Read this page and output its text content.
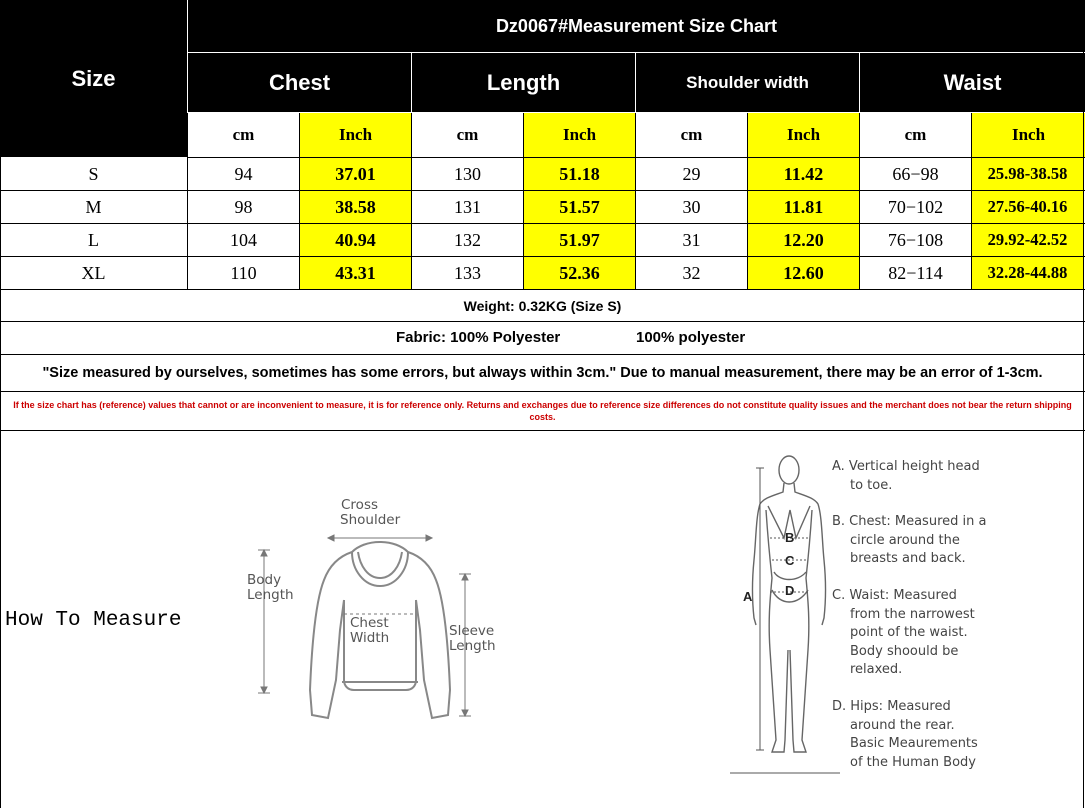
Size
Dz0067#Measurement Size Chart
Chest	Length	Shoulder width	Waist
cm	Inch	cm	Inch	cm	Inch	cm	Inch
S	94	37.01	130	51.18	29	11.42	66−98	25.98-38.58
M	98	38.58	131	51.57	30	11.81	70−102	27.56-40.16
L	104	40.94	132	51.97	31	12.20	76−108	29.92-42.52
XL	110	43.31	133	52.36	32	12.60	82−114	32.28-44.88
Weight: 0.32KG (Size S)
Fabric: 100% Polyester	100% polyester
"Size measured by ourselves, sometimes has some errors, but always within 3cm." Due to manual measurement, there may be an error of 1-3cm.
If the size chart has (reference) values that cannot or are inconvenient to measure, it is for reference only. Returns and exchanges due to reference size differences do not constitute quality issues and the merchant does not bear the return shipping costs.
How To Measure
Cross
Shoulder
Body
Length
Chest
Width	Sleeve
Length
A
B
C
D
A. Vertical height head
to toe.
B. Chest: Measured in a
circle around the
breasts and back.
C. Waist: Measured
from the narrowest
point of the waist.
Body shoould be
relaxed.
D. Hips: Measured
around the rear.
Basic Meaurements
of the Human Body
